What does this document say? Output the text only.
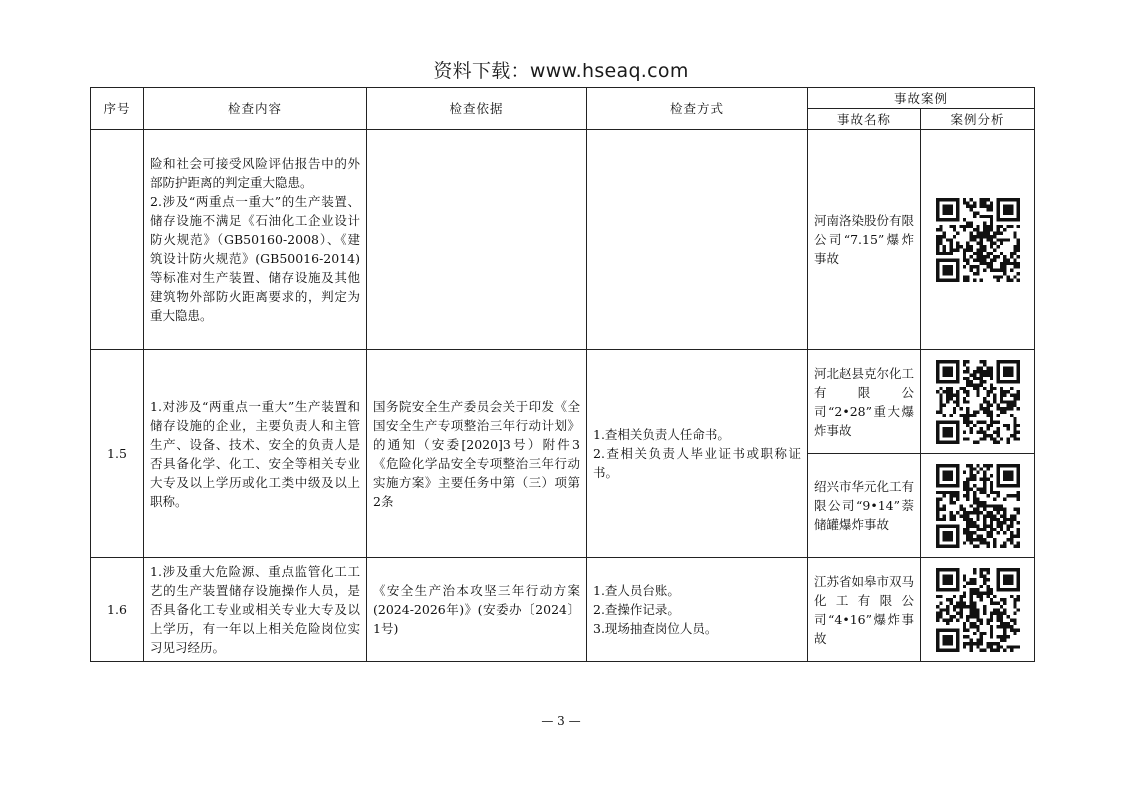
资料下载：www.hseaq.com
序号	检查内容	检查依据	检查方式	事故案例	
				事故名称	案例分析

	险和社会可接受风险评估报告中的外部防护距离的判定重大隐患。
2.涉及“两重点一重大”的生产装置、储存设施不满足《石油化工企业设计防火规范》（GB50160-2008）、《建筑设计防火规范》(GB50016-2014)等标准对生产装置、储存设施及其他建筑物外部防火距离要求的，判定为重大隐患。			河南洛染股份有限公司“7.15”爆炸事故	

1.5	1.对涉及“两重点一重大”生产装置和储存设施的企业，主要负责人和主管生产、设备、技术、安全的负责人是否具备化学、化工、安全等相关专业大专及以上学历或化工类中级及以上职称。	国务院安全生产委员会关于印发《全国安全生产专项整治三年行动计划》的通知（安委[2020]3号）附件3《危险化学品安全专项整治三年行动实施方案》主要任务中第（三）项第2条	1.查相关负责人任命书。
2.查相关负责人毕业证书或职称证书。	河北赵县克尔化工有限公司“2•28”重大爆炸事故	

				绍兴市华元化工有限公司“9•14”萘储罐爆炸事故	

1.6	1.涉及重大危险源、重点监管化工工艺的生产装置储存设施操作人员，是否具备化工专业或相关专业大专及以上学历，有一年以上相关危险岗位实习见习经历。	《安全生产治本攻坚三年行动方案(2024-2026年)》(安委办〔2024〕1号)	1.查人员台账。
2.查操作记录。
3.现场抽查岗位人员。	江苏省如皋市双马化工有限公司“4•16”爆炸事故	
— 3 —
